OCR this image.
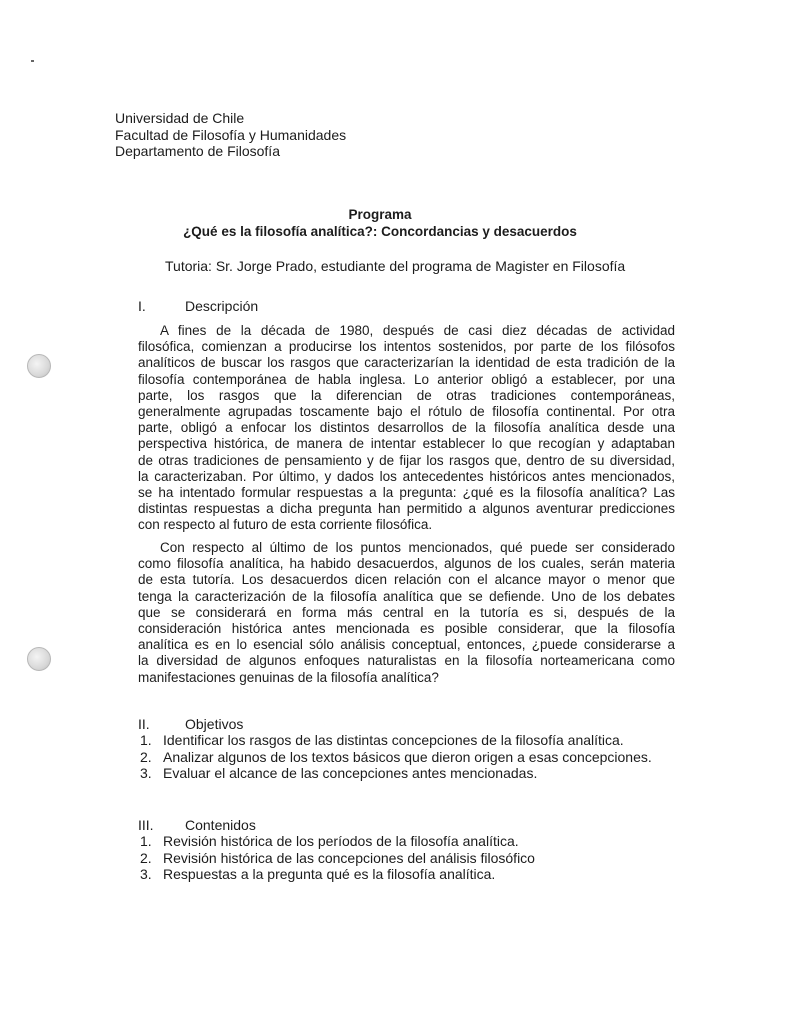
Universidad de Chile
Facultad de Filosofía y Humanidades
Departamento de Filosofía
Programa
¿Qué es la filosofía analítica?: Concordancias y desacuerdos
Tutoria: Sr. Jorge Prado, estudiante del programa de Magister en Filosofía
I.	Descripción
A fines de la década de 1980, después de casi diez décadas de actividad
filosófica, comienzan a producirse los intentos sostenidos, por parte de los filósofos
analíticos de buscar los rasgos que caracterizarían la identidad de esta tradición de la
filosofía contemporánea de habla inglesa. Lo anterior obligó a establecer, por una
parte, los rasgos que la diferencian de otras tradiciones contemporáneas,
generalmente agrupadas toscamente bajo el rótulo de filosofía continental. Por otra
parte, obligó a enfocar los distintos desarrollos de la filosofía analítica desde una
perspectiva histórica, de manera de intentar establecer lo que recogían y adaptaban
de otras tradiciones de pensamiento y de fijar los rasgos que, dentro de su diversidad,
la caracterizaban. Por último, y dados los antecedentes históricos antes mencionados,
se ha intentado formular respuestas a la pregunta: ¿qué es la filosofía analítica? Las
distintas respuestas a dicha pregunta han permitido a algunos aventurar predicciones
con respecto al futuro de esta corriente filosófica.
Con respecto al último de los puntos mencionados, qué puede ser considerado
como filosofía analítica, ha habido desacuerdos, algunos de los cuales, serán materia
de esta tutoría. Los desacuerdos dicen relación con el alcance mayor o menor que
tenga la caracterización de la filosofía analítica que se defiende. Uno de los debates
que se considerará en forma más central en la tutoría es si, después de la
consideración histórica antes mencionada es posible considerar, que la filosofía
analítica es en lo esencial sólo análisis conceptual, entonces, ¿puede considerarse a
la diversidad de algunos enfoques naturalistas en la filosofía norteamericana como
manifestaciones genuinas de la filosofía analítica?
II.	Objetivos
1. Identificar los rasgos de las distintas concepciones de la filosofía analítica.
2. Analizar algunos de los textos básicos que dieron origen a esas concepciones.
3. Evaluar el alcance de las concepciones antes mencionadas.
III. Contenidos
1. Revisión histórica de los períodos de la filosofía analítica.
2. Revisión histórica de las concepciones del análisis filosófico
3. Respuestas a la pregunta qué es la filosofía analítica.
